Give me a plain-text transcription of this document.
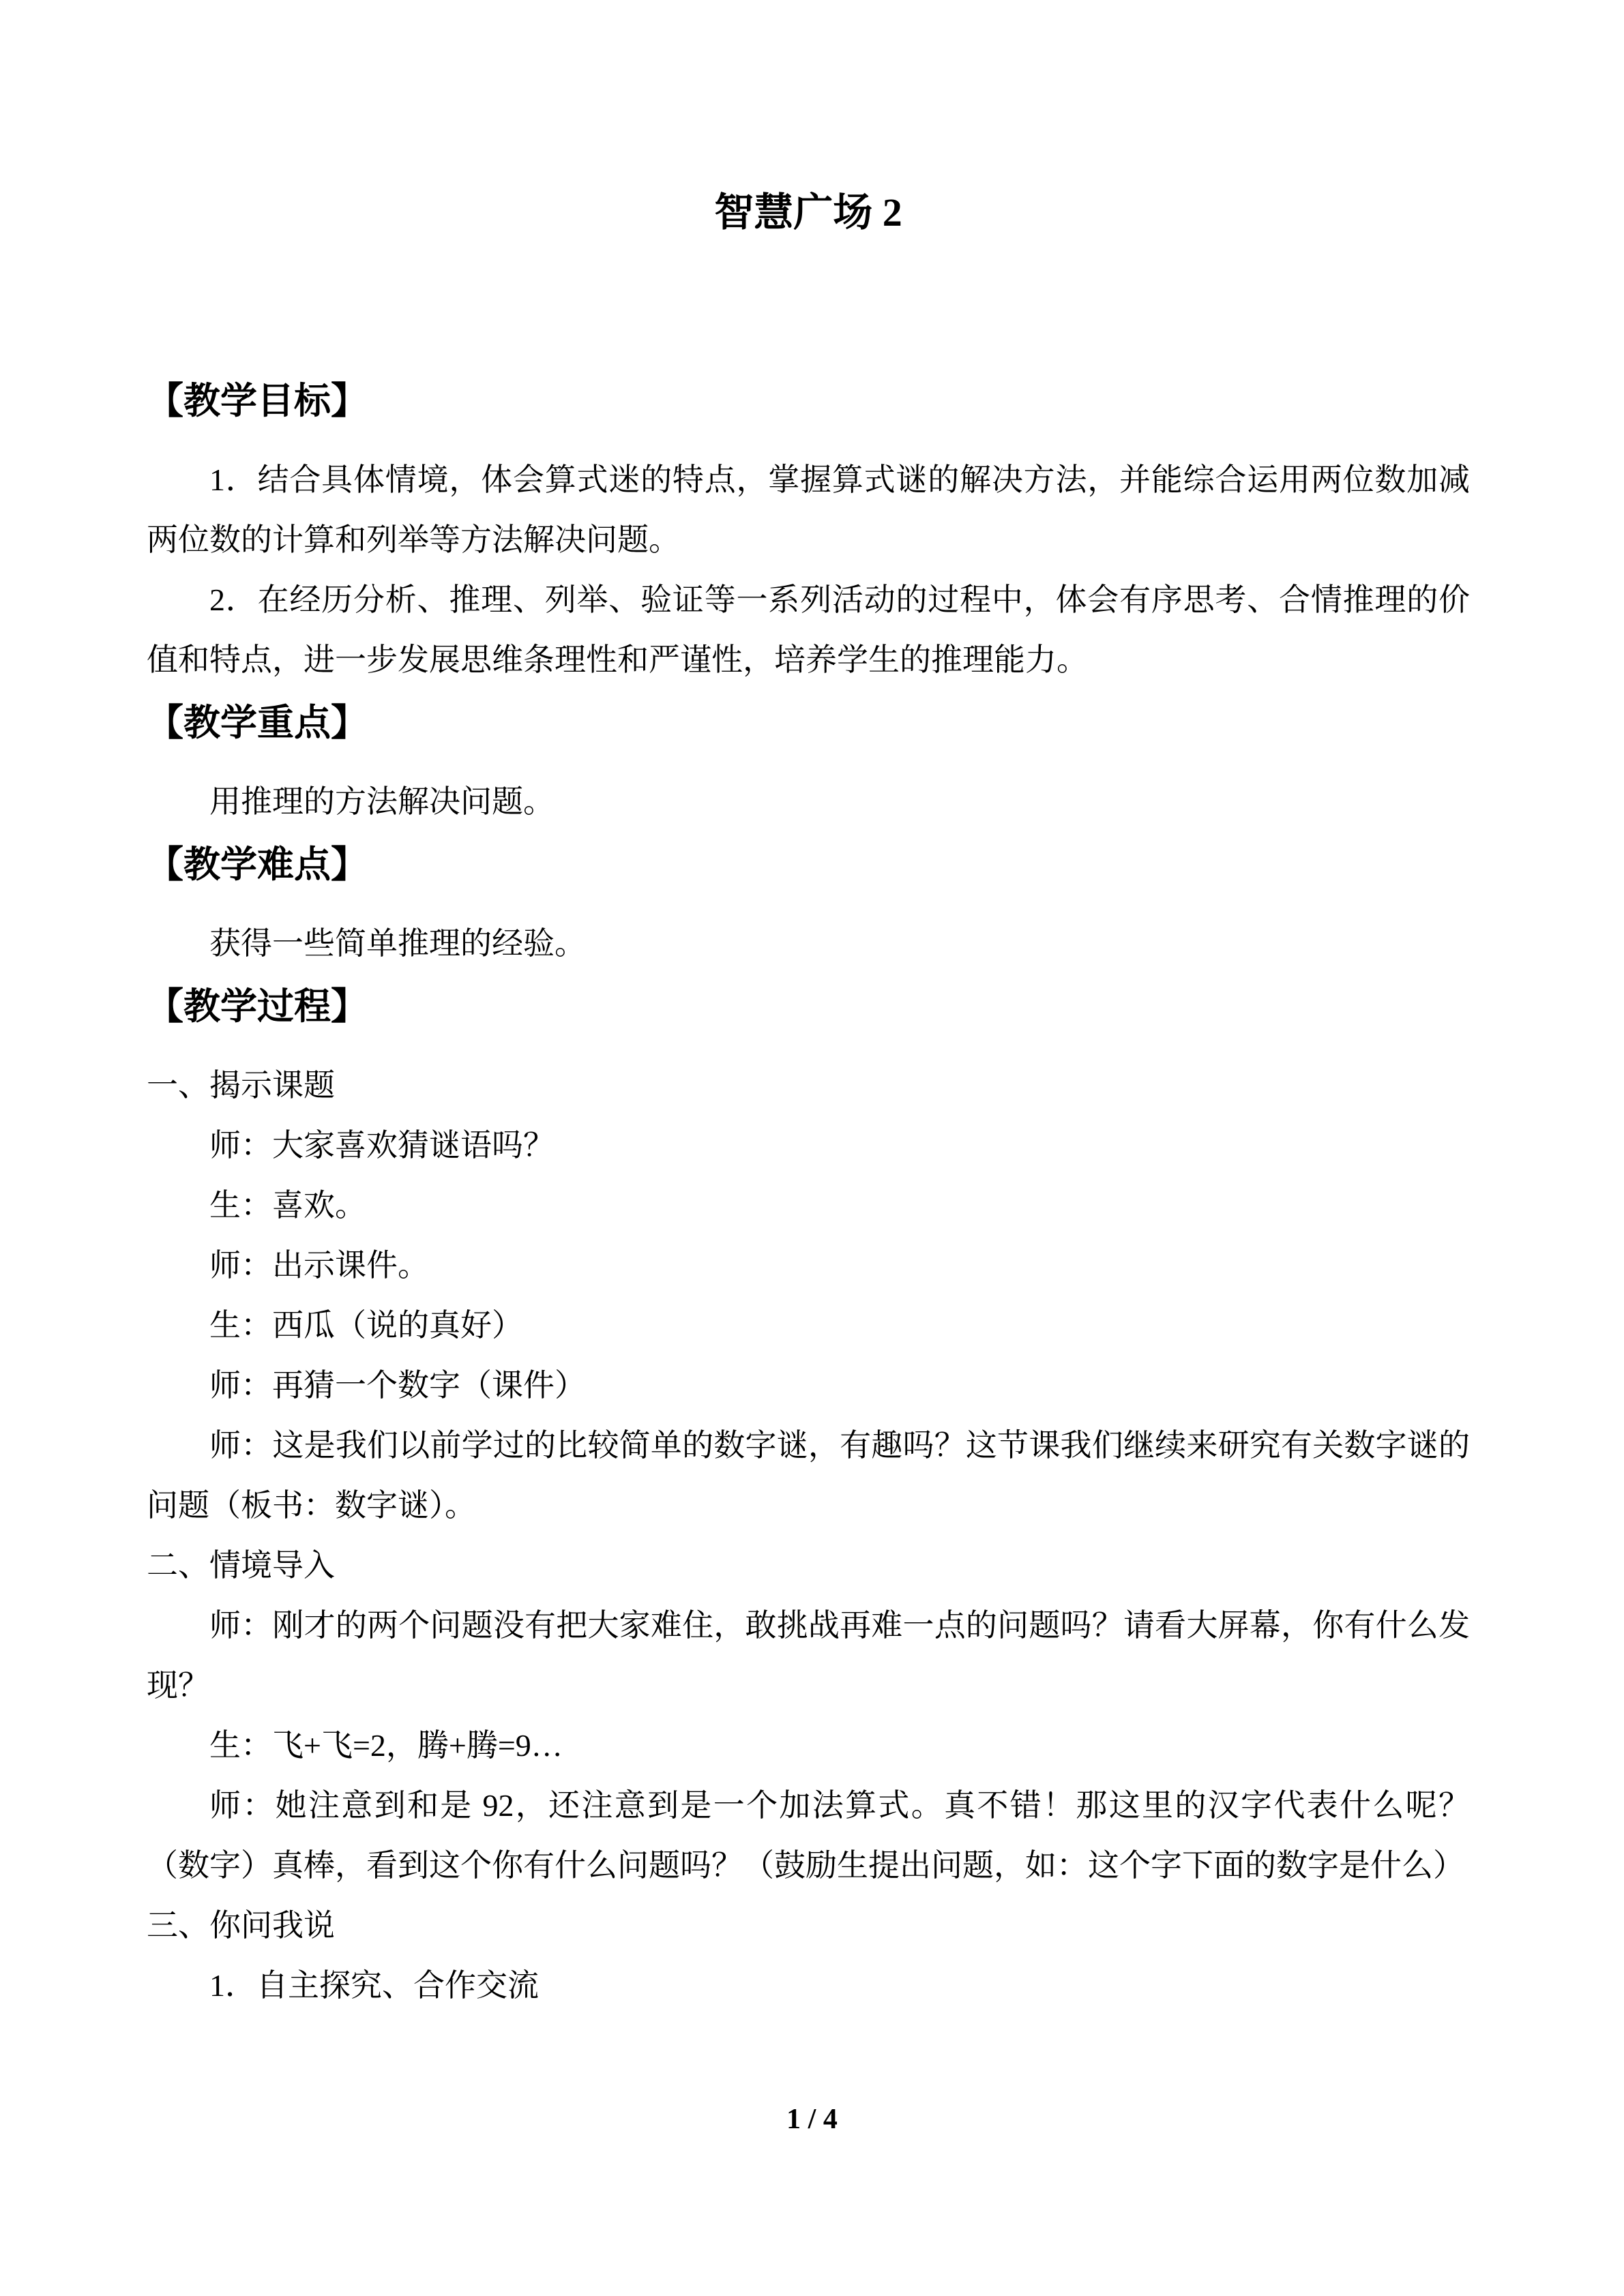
智慧广场 2

【教学目标】

1．结合具体情境，体会算式迷的特点，掌握算式谜的解决方法，并能综合运用两位数加减两位数的计算和列举等方法解决问题。

2．在经历分析、推理、列举、验证等一系列活动的过程中，体会有序思考、合情推理的价值和特点，进一步发展思维条理性和严谨性，培养学生的推理能力。

【教学重点】

用推理的方法解决问题。

【教学难点】

获得一些简单推理的经验。

【教学过程】

一、揭示课题

师：大家喜欢猜谜语吗？

生：喜欢。

师：出示课件。

生：西瓜（说的真好）

师：再猜一个数字（课件）

师：这是我们以前学过的比较简单的数字谜，有趣吗？这节课我们继续来研究有关数字谜的问题（板书：数字谜）。

二、情境导入

师：刚才的两个问题没有把大家难住，敢挑战再难一点的问题吗？请看大屏幕，你有什么发现？

生：飞+飞=2，腾+腾=9…

师：她注意到和是 92，还注意到是一个加法算式。真不错！那这里的汉字代表什么呢？（数字）真棒，看到这个你有什么问题吗？（鼓励生提出问题，如：这个字下面的数字是什么）

三、你问我说

1．自主探究、合作交流

1 / 4
